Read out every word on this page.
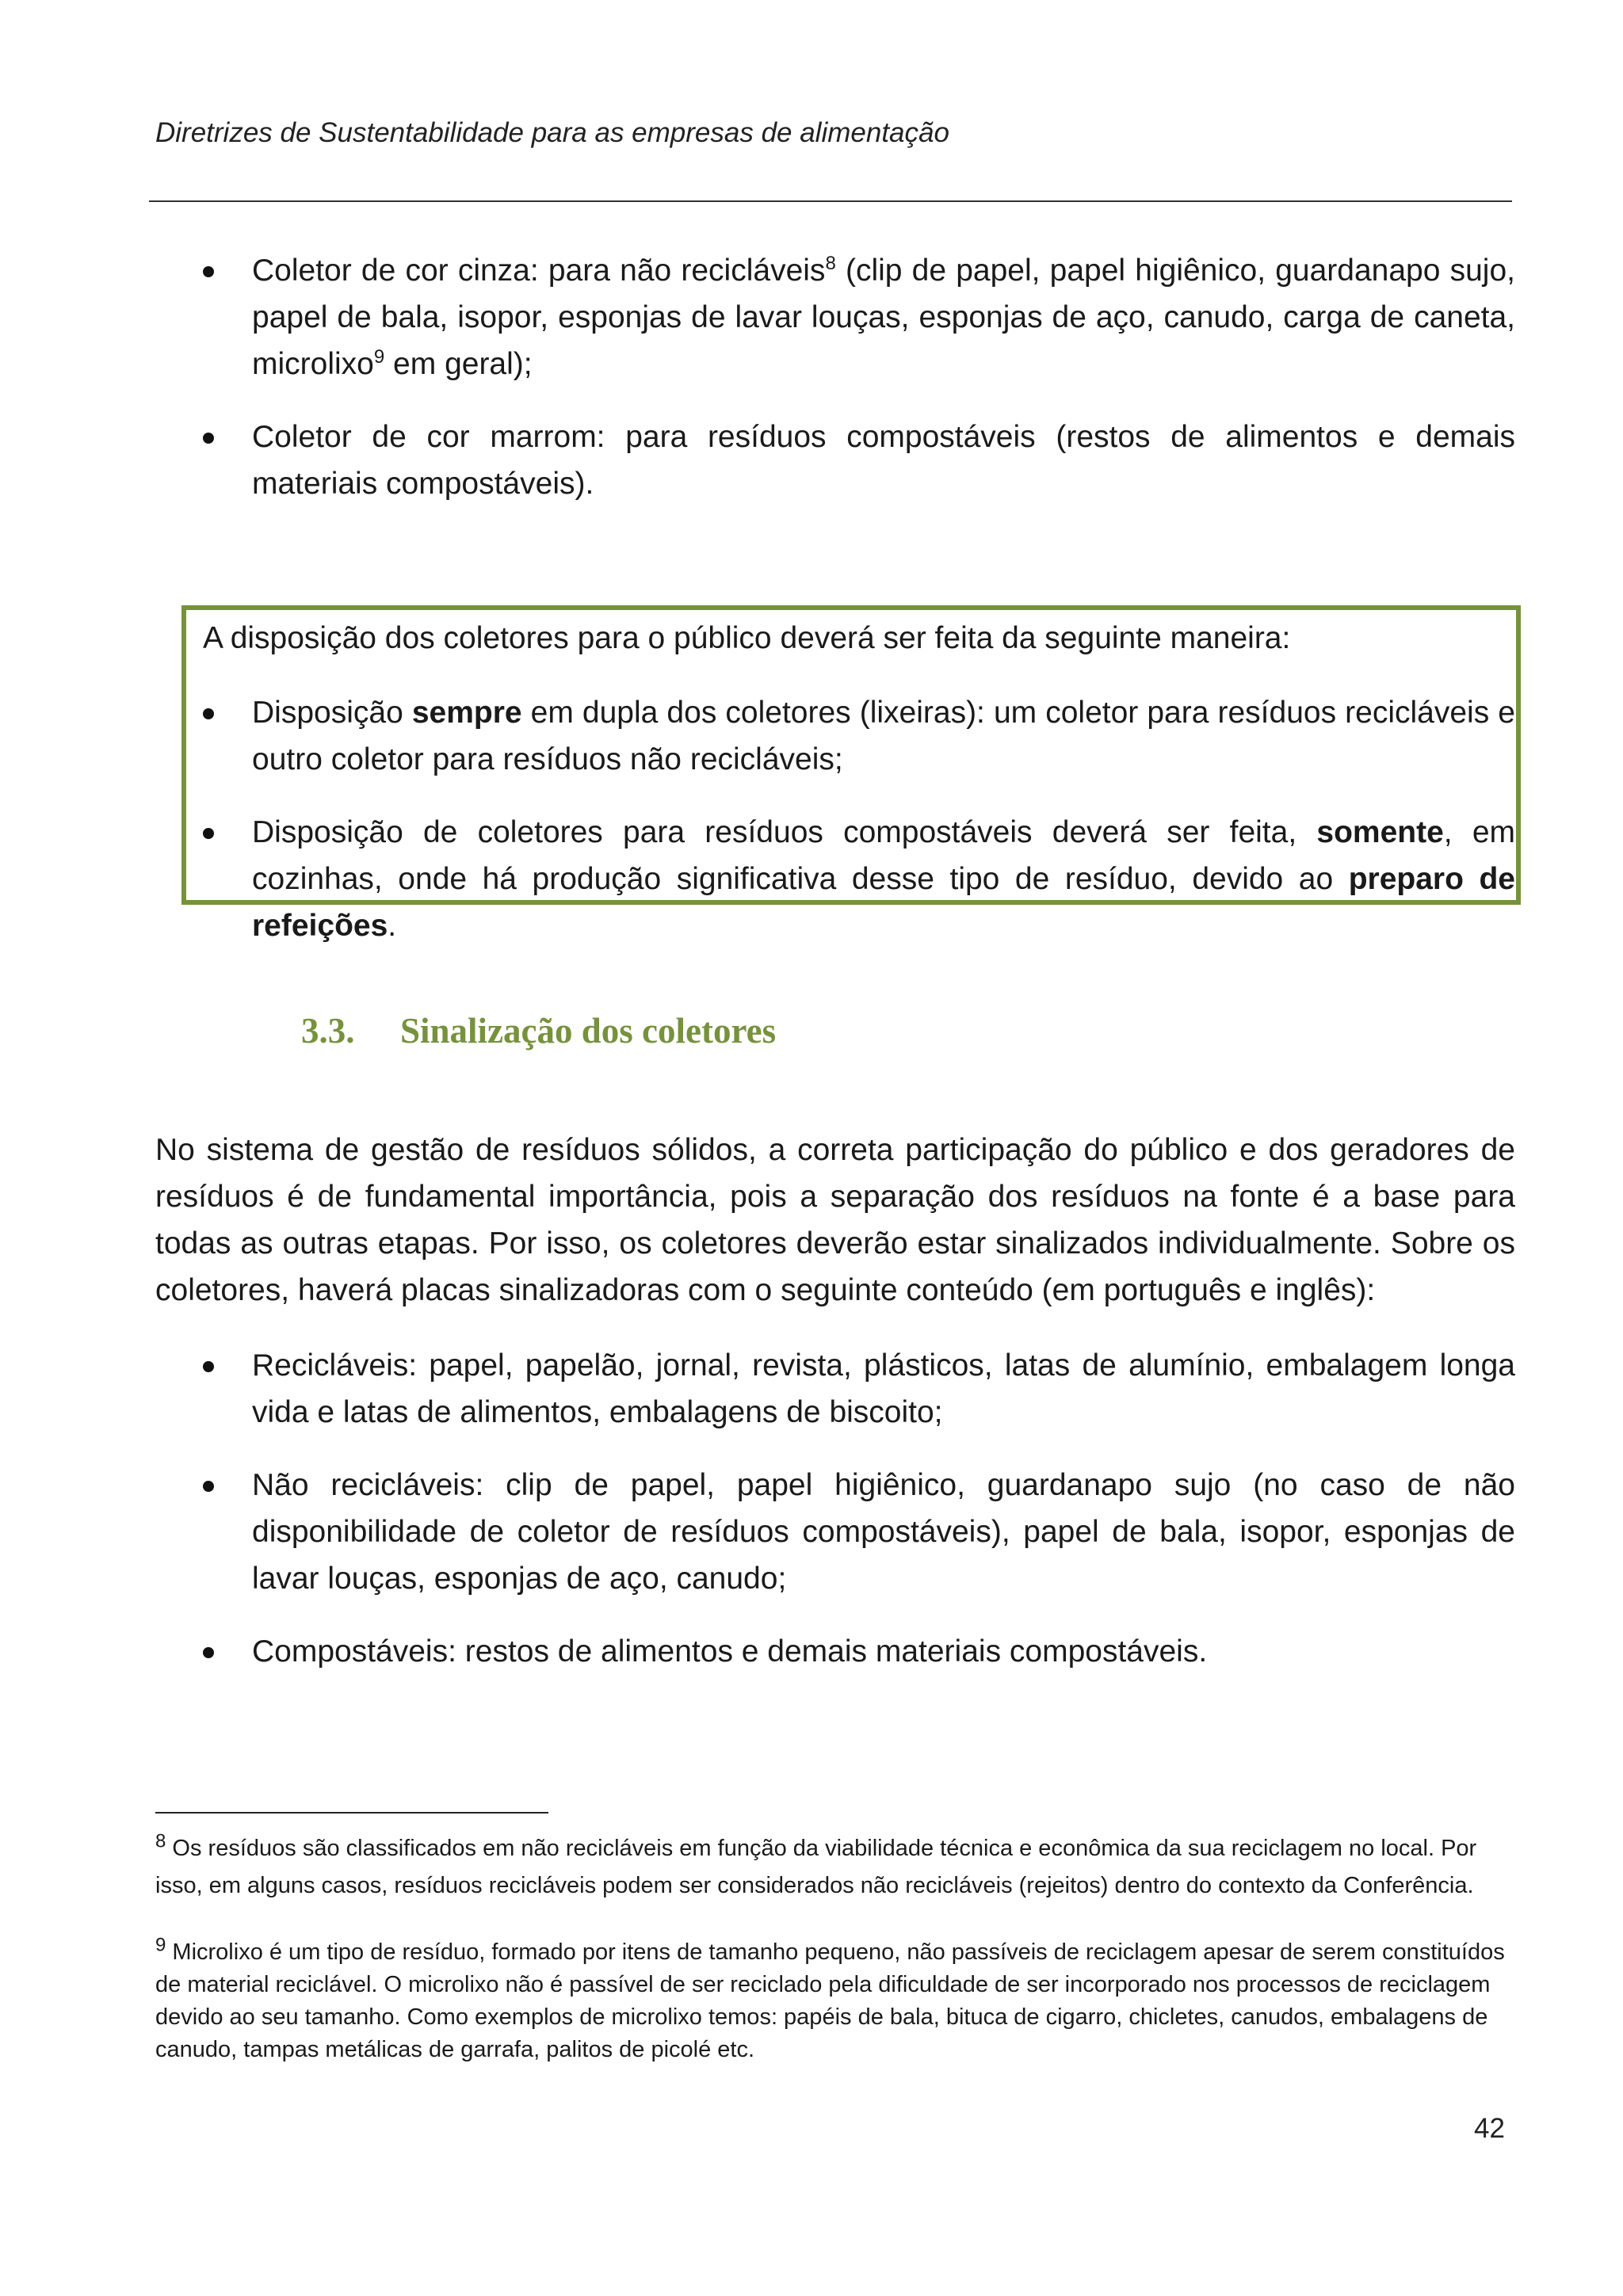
Diretrizes de Sustentabilidade para as empresas de alimentação
Coletor de cor cinza: para não recicláveis$^8$ (clip de papel, papel higiênico, guardanapo sujo, papel de bala, isopor, esponjas de lavar louças, esponjas de aço, canudo, carga de caneta, microlixo$^9$ em geral);
Coletor de cor marrom: para resíduos compostáveis (restos de alimentos e demais materiais compostáveis).
A disposição dos coletores para o público deverá ser feita da seguinte maneira:
Disposição sempre em dupla dos coletores (lixeiras): um coletor para resíduos recicláveis e outro coletor para resíduos não recicláveis;
Disposição de coletores para resíduos compostáveis deverá ser feita, somente, em cozinhas, onde há produção significativa desse tipo de resíduo, devido ao preparo de refeições.
3.3. Sinalização dos coletores
No sistema de gestão de resíduos sólidos, a correta participação do público e dos geradores de resíduos é de fundamental importância, pois a separação dos resíduos na fonte é a base para todas as outras etapas. Por isso, os coletores deverão estar sinalizados individualmente. Sobre os coletores, haverá placas sinalizadoras com o seguinte conteúdo (em português e inglês):
Recicláveis: papel, papelão, jornal, revista, plásticos, latas de alumínio, embalagem longa vida e latas de alimentos, embalagens de biscoito;
Não recicláveis: clip de papel, papel higiênico, guardanapo sujo (no caso de não disponibilidade de coletor de resíduos compostáveis), papel de bala, isopor, esponjas de lavar louças, esponjas de aço, canudo;
Compostáveis: restos de alimentos e demais materiais compostáveis.
$^8$ Os resíduos são classificados em não recicláveis em função da viabilidade técnica e econômica da sua reciclagem no local. Por isso, em alguns casos, resíduos recicláveis podem ser considerados não recicláveis (rejeitos) dentro do contexto da Conferência.
$^9$ Microlixo é um tipo de resíduo, formado por itens de tamanho pequeno, não passíveis de reciclagem apesar de serem constituídos de material reciclável. O microlixo não é passível de ser reciclado pela dificuldade de ser incorporado nos processos de reciclagem devido ao seu tamanho. Como exemplos de microlixo temos: papéis de bala, bituca de cigarro, chicletes, canudos, embalagens de canudo, tampas metálicas de garrafa, palitos de picolé etc.
42
